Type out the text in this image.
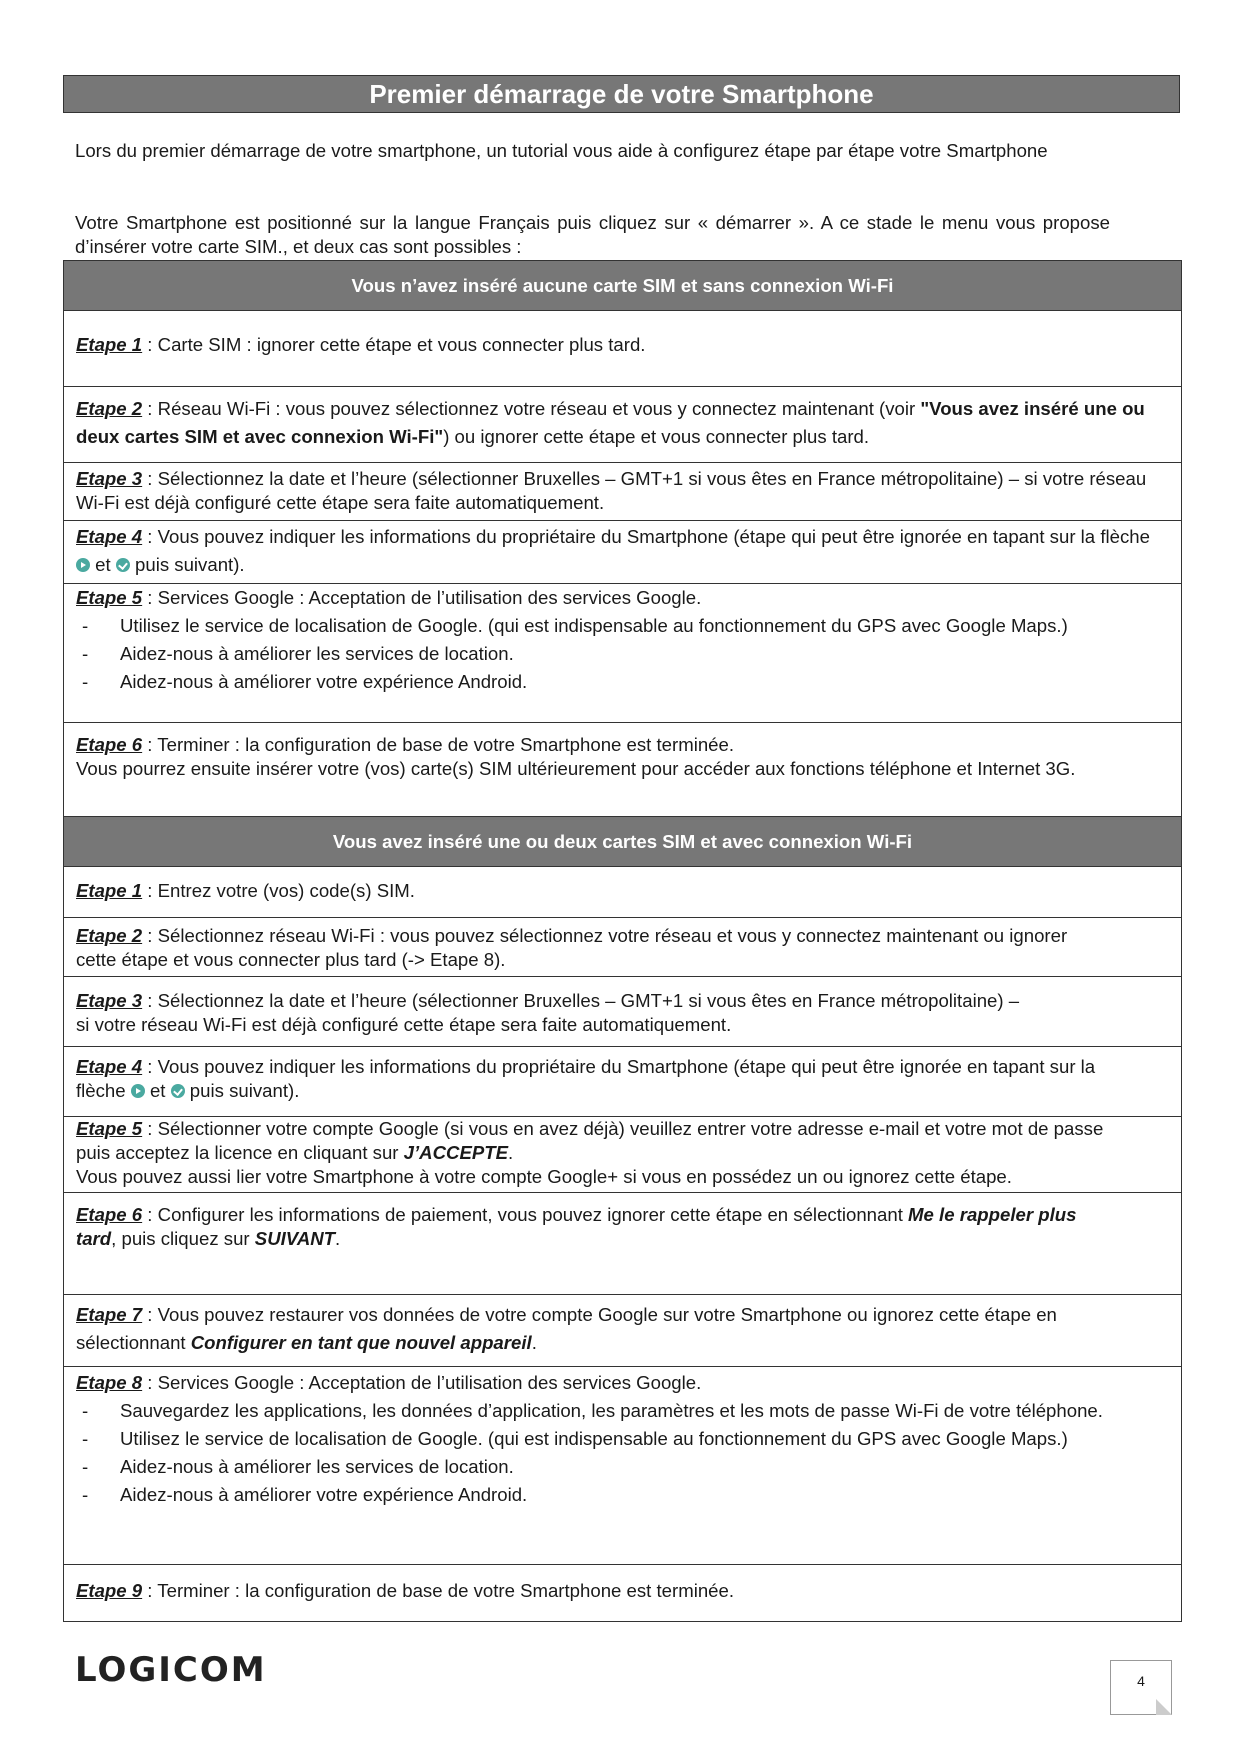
Premier démarrage de votre Smartphone
Lors du premier démarrage de votre smartphone, un tutorial vous aide à configurez étape par étape votre Smartphone
Votre Smartphone est positionné sur la langue Français puis cliquez sur « démarrer ». A ce stade le menu vous propose d’insérer votre carte SIM., et deux cas sont possibles :
Vous n’avez inséré aucune carte SIM et sans connexion Wi-Fi
Etape 1 : Carte SIM : ignorer cette étape et vous connecter plus tard.
Etape 2 : Réseau Wi-Fi : vous pouvez sélectionnez votre réseau et vous y connectez maintenant (voir "Vous avez inséré une ou deux cartes SIM et avec connexion Wi-Fi") ou ignorer cette étape et vous connecter plus tard.
Etape 3 : Sélectionnez la date et l’heure (sélectionner Bruxelles – GMT+1 si vous êtes en France métropolitaine) – si votre réseau Wi-Fi est déjà configuré cette étape sera faite automatiquement.
Etape 4 : Vous pouvez indiquer les informations du propriétaire du Smartphone (étape qui peut être ignorée en tapant sur la flèche  et  puis suivant).
Etape 5 : Services Google : Acceptation de l’utilisation des services Google.
- Utilisez le service de localisation de Google. (qui est indispensable au fonctionnement du GPS avec Google Maps.)
- Aidez-nous à améliorer les services de location.
- Aidez-nous à améliorer votre expérience Android.

Etape 6 : Terminer : la configuration de base de votre Smartphone est terminée.
Vous pourrez ensuite insérer votre (vos) carte(s) SIM ultérieurement pour accéder aux fonctions téléphone et Internet 3G.
Vous avez inséré une ou deux cartes SIM et avec connexion Wi-Fi
Etape 1 : Entrez votre (vos) code(s) SIM.
Etape 2 : Sélectionnez réseau Wi-Fi : vous pouvez sélectionnez votre réseau et vous y connectez maintenant ou ignorer cette étape et vous connecter plus tard (-> Etape 8).
Etape 3 : Sélectionnez la date et l’heure (sélectionner Bruxelles – GMT+1 si vous êtes en France métropolitaine) – si votre réseau Wi-Fi est déjà configuré cette étape sera faite automatiquement.
Etape 4 : Vous pouvez indiquer les informations du propriétaire du Smartphone (étape qui peut être ignorée en tapant sur la flèche  et  puis suivant).
Etape 5 : Sélectionner votre compte Google (si vous en avez déjà) veuillez entrer votre adresse e-mail et votre mot de passe puis acceptez la licence en cliquant sur J’ACCEPTE.
Vous pouvez aussi lier votre Smartphone à votre compte Google+ si vous en possédez un ou ignorez cette étape.
Etape 6 : Configurer les informations de paiement, vous pouvez ignorer cette étape en sélectionnant Me le rappeler plus tard, puis cliquez sur SUIVANT.
Etape 7 : Vous pouvez restaurer vos données de votre compte Google sur votre Smartphone ou ignorez cette étape en sélectionnant Configurer en tant que nouvel appareil.
Etape 8 : Services Google : Acceptation de l’utilisation des services Google.
- Sauvegardez les applications, les données d’application, les paramètres et les mots de passe Wi-Fi de votre téléphone.
- Utilisez le service de localisation de Google. (qui est indispensable au fonctionnement du GPS avec Google Maps.)
- Aidez-nous à améliorer les services de location.
- Aidez-nous à améliorer votre expérience Android.

Etape 9 : Terminer : la configuration de base de votre Smartphone est terminée.
LOGICOM	4
